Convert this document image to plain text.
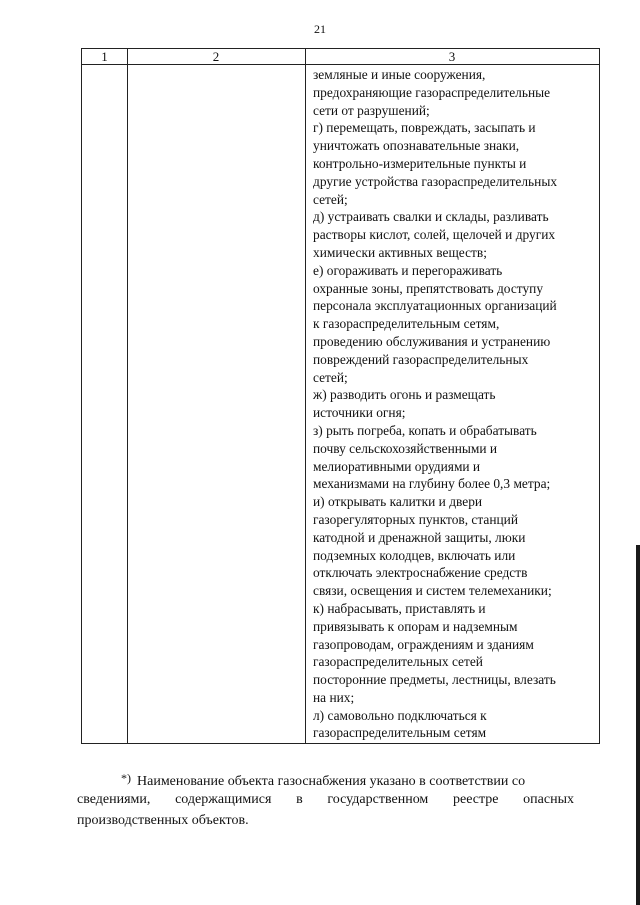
21
1	2	3
земляные и иные сооружения,
предохраняющие газораспределительные
сети от разрушений;
г) перемещать, повреждать, засыпать и
уничтожать опознавательные знаки,
контрольно-измерительные пункты и
другие устройства газораспределительных
сетей;
д) устраивать свалки и склады, разливать
растворы кислот, солей, щелочей и других
химически активных веществ;
е) огораживать и перегораживать
охранные зоны, препятствовать доступу
персонала эксплуатационных организаций
к газораспределительным сетям,
проведению обслуживания и устранению
повреждений газораспределительных
сетей;
ж) разводить огонь и размещать
источники огня;
з) рыть погреба, копать и обрабатывать
почву сельскохозяйственными и
мелиоративными орудиями и
механизмами на глубину более 0,3 метра;
и) открывать калитки и двери
газорегуляторных пунктов, станций
катодной и дренажной защиты, люки
подземных колодцев, включать или
отключать электроснабжение средств
связи, освещения и систем телемеханики;
к) набрасывать, приставлять и
привязывать к опорам и надземным
газопроводам, ограждениям и зданиям
газораспределительных сетей
посторонние предметы, лестницы, влезать
на них;
л) самовольно подключаться к
газораспределительным сетям
*) Наименование объекта газоснабжения указано в соответствии со
сведениями, содержащимися в государственном реестре опасных
производственных объектов.
